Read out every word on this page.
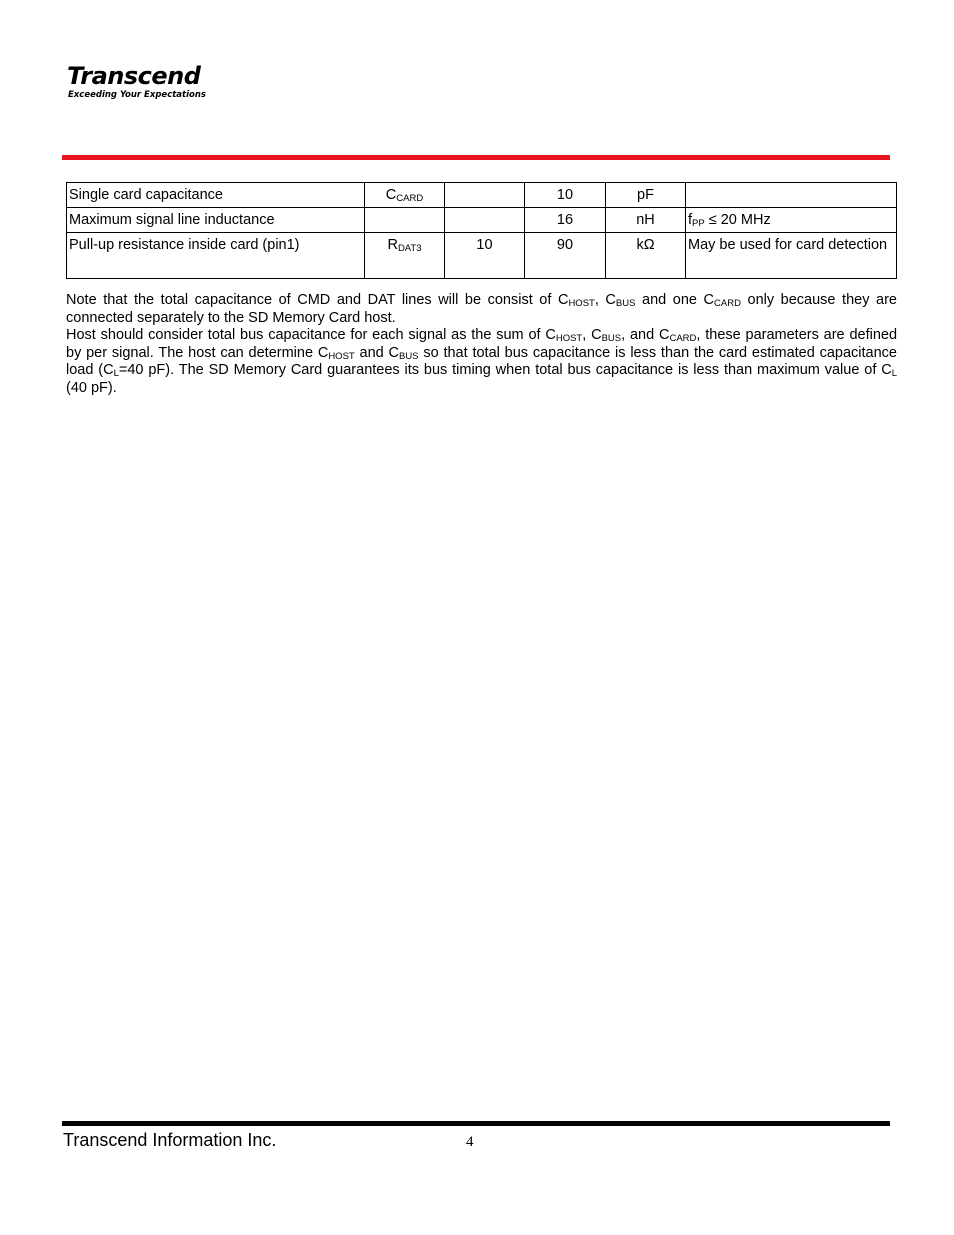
Transcend
Exceeding Your Expectations
Single card capacitance	$C_{CARD}$		10	pF	
Maximum signal line inductance			16	nH	$f_{PP} \le 20$ MHz
Pull-up resistance inside card (pin1)	$R_{DAT3}$	10	90	kΩ	May be used for card detection

Note that the total capacitance of CMD and DAT lines will be consist of $C_{HOST}$, $C_{BUS}$ and one $C_{CARD}$ only because they are connected separately to the SD Memory Card host.

Host should consider total bus capacitance for each signal as the sum of $C_{HOST}$, $C_{BUS}$, and $C_{CARD}$, these parameters are defined by per signal. The host can determine $C_{HOST}$ and $C_{BUS}$ so that total bus capacitance is less than the card estimated capacitance load ($C_L=40$ pF). The SD Memory Card guarantees its bus timing when total bus capacitance is less than maximum value of $C_L$ (40 pF).

Transcend Information Inc.	4
